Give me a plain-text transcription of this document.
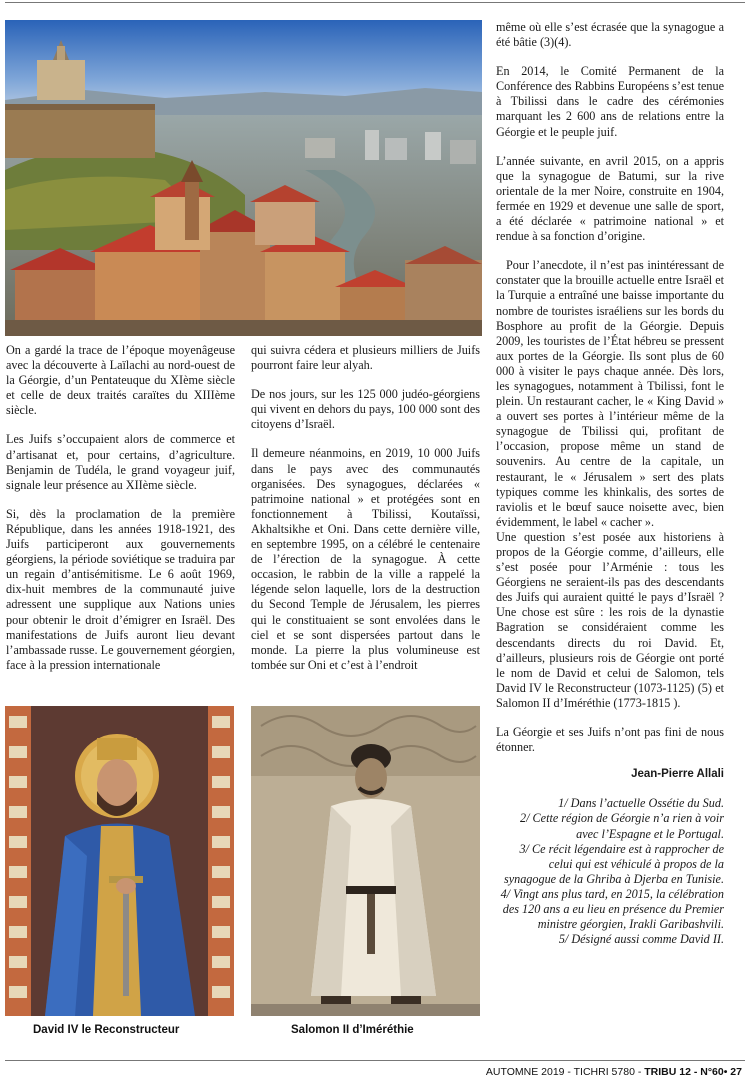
On a gardé la trace de l’époque moyenâgeuse avec la découverte à Laïlachi au nord-ouest de la Géorgie, d’un Pentateuque du XIème siècle et celle de deux traités caraïtes du XIIIème siècle.

Les Juifs s’occupaient alors de commerce et d’artisanat et, pour certains, d’agriculture. Benjamin de Tudéla, le grand voyageur juif, signale leur présence au XIIème siècle.

Si, dès la proclamation de la première République, dans les années 1918-1921, des Juifs participeront aux gouvernements géorgiens, la période soviétique se traduira par un regain d’antisémitisme. Le 6 août 1969, dix-huit membres de la communauté juive adressent une supplique aux Nations unies pour obtenir le droit d’émigrer en Israël. Des manifestations de Juifs auront lieu devant l’ambassade russe. Le gouvernement géorgien, face à la pression internationale

qui suivra cédera et plusieurs milliers de Juifs pourront faire leur alyah.

De nos jours, sur les 125 000 judéo-géorgiens qui vivent en dehors du pays, 100 000 sont des citoyens d’Israël.

Il demeure néanmoins, en 2019, 10 000 Juifs dans le pays avec des communautés organisées. Des synagogues, déclarées « patrimoine national » et protégées sont en fonctionnement à Tbilissi, Koutaïssi, Akhaltsikhe et Oni. Dans cette dernière ville, en septembre 1995, on a célébré le centenaire de l’érection de la synagogue. À cette occasion, le rabbin de la ville a rappelé la légende selon laquelle, lors de la destruction du Second Temple de Jérusalem, les pierres qui le constituaient se sont envolées dans le ciel et se sont dispersées partout dans le monde. La pierre la plus volumineuse est tombée sur Oni et c’est à l’endroit

même où elle s’est écrasée que la synagogue a été bâtie (3)(4).

En 2014, le Comité Permanent de la Conférence des Rabbins Européens s’est tenue à Tbilissi dans le cadre des cérémonies marquant les 2 600 ans de relations entre la Géorgie et le peuple juif.

L’année suivante, en avril 2015, on a appris que la synagogue de Batumi, sur la rive orientale de la mer Noire, construite en 1904, fermée en 1929 et devenue une salle de sport, a été déclarée « patrimoine national » et rendue à sa fonction d’origine.

Pour l’anecdote, il n’est pas inintéressant de constater que la brouille actuelle entre Israël et la Turquie a entraîné une baisse importante du nombre de touristes israéliens sur les bords du Bosphore au profit de la Géorgie. Depuis 2009, les touristes de l’État hébreu se pressent aux portes de la Géorgie. Ils sont plus de 60 000 à visiter le pays chaque année. Dès lors, les synagogues, notamment à Tbilissi, font le plein. Un restaurant cacher, le « King David » a ouvert ses portes à l’intérieur même de la synagogue de Tbilissi qui, profitant de l’occasion, propose même un stand de souvenirs. Au centre de la capitale, un restaurant, le « Jérusalem » sert des plats typiques comme les khinkalis, des sortes de raviolis et le bœuf sauce noisette avec, bien évidemment, le label « cacher ».

Une question s’est posée aux historiens à propos de la Géorgie comme, d’ailleurs, elle s’est posée pour l’Arménie : tous les Géorgiens ne seraient-ils pas des descendants des Juifs qui auraient quitté le pays d’Israël ? Une chose est sûre : les rois de la dynastie Bagration se considéraient comme les descendants directs du roi David. Et, d’ailleurs, plusieurs rois de Géorgie ont porté le nom de David et celui de Salomon, tels David IV le Reconstructeur (1073-1125) (5) et Salomon II d’Iméréthie (1773-1815 ).

La Géorgie et ses Juifs n’ont pas fini de nous étonner.

Jean-Pierre Allali
1/ Dans l’actuelle Ossétie du Sud.
2/ Cette région de Géorgie n’a rien à voir avec l’Espagne et le Portugal.
3/ Ce récit légendaire est à rapprocher de celui qui est véhiculé à propos de la synagogue de la Ghriba à Djerba en Tunisie.
4/ Vingt ans plus tard, en 2015, la célébration des 120 ans a eu lieu en présence du Premier ministre géorgien, Irakli Garibashvili.
5/ Désigné aussi comme David II.
David IV le Reconstructeur	Salomon II d’Iméréthie
AUTOMNE 2019 - TICHRI 5780 - TRIBU 12 - N°60• 27
